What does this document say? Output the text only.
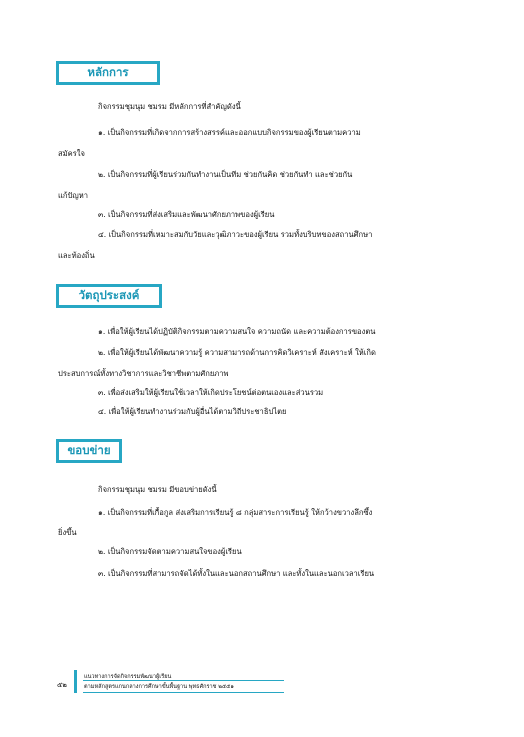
หลักการ
กิจกรรมชุมนุม ชมรม มีหลักการที่สำคัญดังนี้
๑. เป็นกิจกรรมที่เกิดจากการสร้างสรรค์และออกแบบกิจกรรมของผู้เรียนตามความ
สมัครใจ
๒. เป็นกิจกรรมที่ผู้เรียนร่วมกันทำงานเป็นทีม ช่วยกันคิด ช่วยกันทำ และช่วยกัน
แก้ปัญหา
๓. เป็นกิจกรรมที่ส่งเสริมและพัฒนาศักยภาพของผู้เรียน
๔. เป็นกิจกรรมที่เหมาะสมกับวัยและวุฒิภาวะของผู้เรียน รวมทั้งบริบทของสถานศึกษา
และท้องถิ่น
วัตถุประสงค์
๑. เพื่อให้ผู้เรียนได้ปฏิบัติกิจกรรมตามความสนใจ ความถนัด และความต้องการของตน
๒. เพื่อให้ผู้เรียนได้พัฒนาความรู้ ความสามารถด้านการคิดวิเคราะห์ สังเคราะห์ ให้เกิด
ประสบการณ์ทั้งทางวิชาการและวิชาชีพตามศักยภาพ
๓. เพื่อส่งเสริมให้ผู้เรียนใช้เวลาให้เกิดประโยชน์ต่อตนเองและส่วนรวม
๔. เพื่อให้ผู้เรียนทำงานร่วมกับผู้อื่นได้ตามวิถีประชาธิปไตย
ขอบข่าย
กิจกรรมชุมนุม ชมรม มีขอบข่ายดังนี้
๑. เป็นกิจกรรมที่เกื้อกูล ส่งเสริมการเรียนรู้ ๘ กลุ่มสาระการเรียนรู้ ให้กว้างขวางลึกซึ้ง
ยิ่งขึ้น
๒. เป็นกิจกรรมจัดตามความสนใจของผู้เรียน
๓. เป็นกิจกรรมที่สามารถจัดได้ทั้งในและนอกสถานศึกษา และทั้งในและนอกเวลาเรียน
๕๒
แนวทางการจัดกิจกรรมพัฒนาผู้เรียน
ตามหลักสูตรแกนกลางการศึกษาขั้นพื้นฐาน พุทธศักราช ๒๕๕๑
